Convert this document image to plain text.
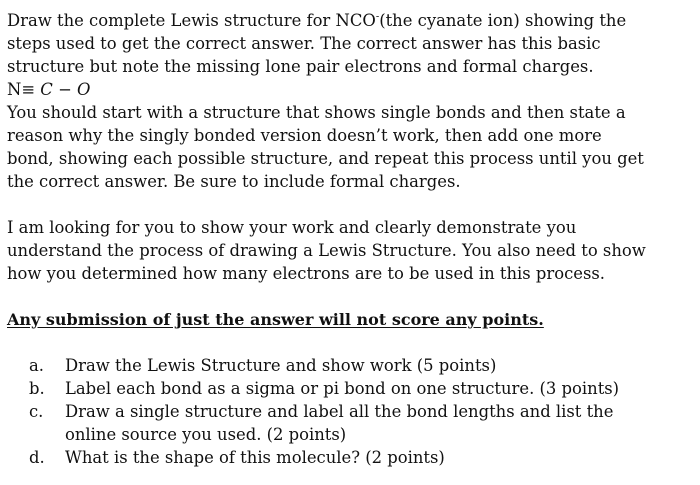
Draw the complete Lewis structure for NCO-(the cyanate ion) showing the
steps used to get the correct answer. The correct answer has this basic
structure but note the missing lone pair electrons and formal charges.
N≡ C − O
You should start with a structure that shows single bonds and then state a
reason why the singly bonded version doesn’t work, then add one more
bond, showing each possible structure, and repeat this process until you get
the correct answer. Be sure to include formal charges.
I am looking for you to show your work and clearly demonstrate you
understand the process of drawing a Lewis Structure. You also need to show
how you determined how many electrons are to be used in this process.
Any submission of just the answer will not score any points.
a.	Draw the Lewis Structure and show work (5 points)
b.	Label each bond as a sigma or pi bond on one structure. (3 points)
c.	Draw a single structure and label all the bond lengths and list the
online source you used. (2 points)
d.	What is the shape of this molecule? (2 points)
